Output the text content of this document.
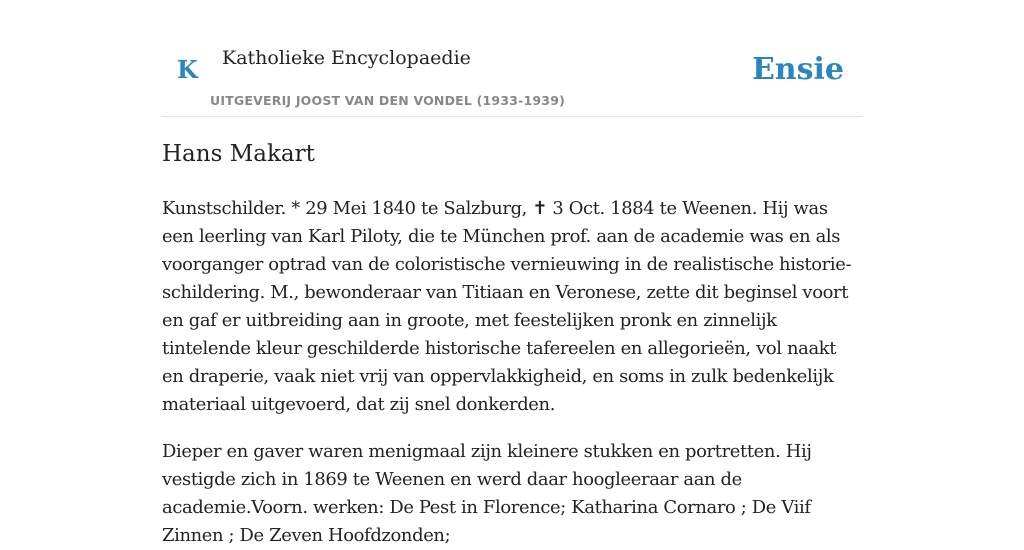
K Katholieke Encyclopaedie
UITGEVERIJ JOOST VAN DEN VONDEL (1933-1939)
Ensie
Hans Makart

Kunstschilder. * 29 Mei 1840 te Salzburg, ✝ 3 Oct. 1884 te Weenen. Hij was een leerling van Karl Piloty, die te München prof. aan de academie was en als voorganger optrad van de coloristische vernieuwing in de realistische historie-schildering. M., bewonderaar van Titiaan en Veronese, zette dit beginsel voort en gaf er uitbreiding aan in groote, met feestelijken pronk en zinnelijk tintelende kleur geschilderde historische tafereelen en allegorieën, vol naakt en draperie, vaak niet vrij van oppervlakkigheid, en soms in zulk bedenkelijk materiaal uitgevoerd, dat zij snel donkerden.

Dieper en gaver waren menigmaal zijn kleinere stukken en portretten. Hij vestigde zich in 1869 te Weenen en werd daar hoogleeraar aan de academie.Voorn. werken: De Pest in Florence; Katharina Cornaro ; De Viif Zinnen ; De Zeven Hoofdzonden;
